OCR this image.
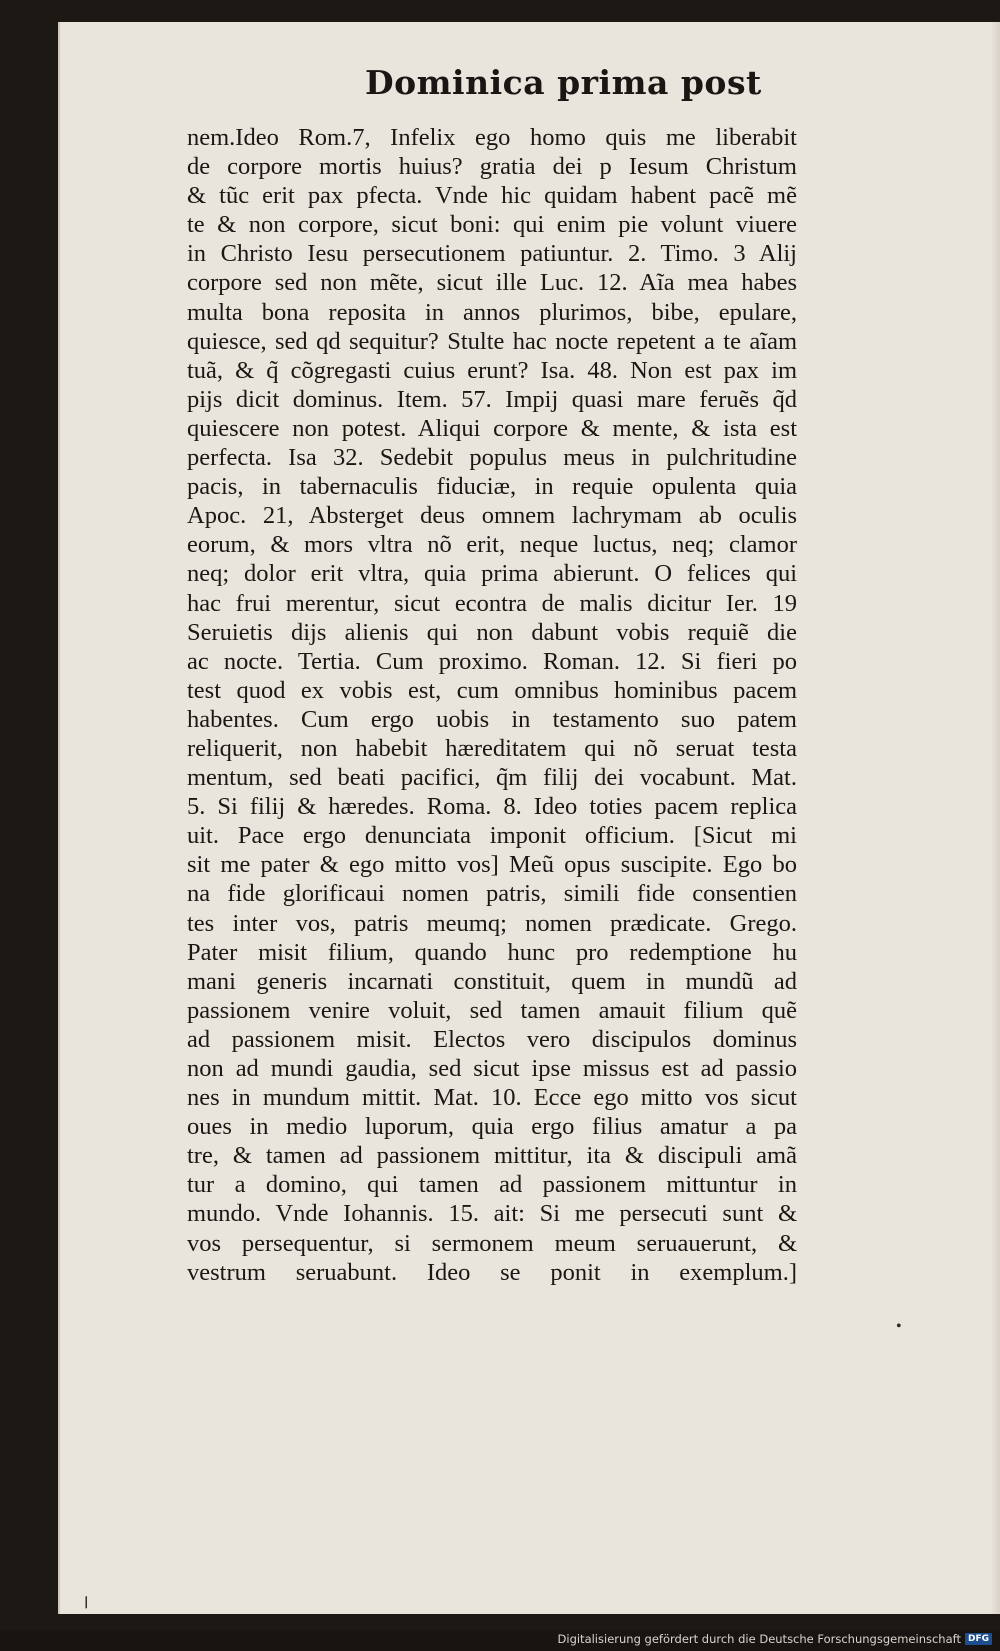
Dominica prima post
nem.Ideo Rom.7, Infelix ego homo quis me liberabit
de corpore mortis huius? gratia dei p Iesum Christum
& tũc erit pax pfecta. Vnde hic quidam habent pacẽ mẽ
te & non corpore, sicut boni: qui enim pie volunt viuere
in Christo Iesu persecutionem patiuntur. 2. Timo. 3 Alij
corpore sed non mẽte, sicut ille Luc. 12. Aĩa mea habes
multa bona reposita in annos plurimos, bibe, epulare,
quiesce, sed qd sequitur? Stulte hac nocte repetent a te aĩam
tuã, & q̃ cõgregasti cuius erunt? Isa. 48. Non est pax im
pijs dicit dominus. Item. 57. Impij quasi mare feruẽs q̃d
quiescere non potest. Aliqui corpore & mente, & ista est
perfecta. Isa 32. Sedebit populus meus in pulchritudine
pacis, in tabernaculis fiduciæ, in requie opulenta quia
Apoc. 21, Absterget deus omnem lachrymam ab oculis
eorum, & mors vltra nõ erit, neque luctus, neq; clamor
neq; dolor erit vltra, quia prima abierunt. O felices qui
hac frui merentur, sicut econtra de malis dicitur Ier. 19
Seruietis dijs alienis qui non dabunt vobis requiẽ die
ac nocte. Tertia. Cum proximo. Roman. 12. Si fieri po
test quod ex vobis est, cum omnibus hominibus pacem
habentes. Cum ergo uobis in testamento suo patem
reliquerit, non habebit hæreditatem qui nõ seruat testa
mentum, sed beati pacifici, q̃m filij dei vocabunt. Mat.
5. Si filij & hæredes. Roma. 8. Ideo toties pacem replica
uit. Pace ergo denunciata imponit officium. [Sicut mi
sit me pater & ego mitto vos] Meũ opus suscipite. Ego bo
na fide glorificaui nomen patris, simili fide consentien
tes inter vos, patris meumq; nomen prædicate. Grego.
Pater misit filium, quando hunc pro redemptione hu
mani generis incarnati constituit, quem in mundũ ad
passionem venire voluit, sed tamen amauit filium quẽ
ad passionem misit. Electos vero discipulos dominus
non ad mundi gaudia, sed sicut ipse missus est ad passio
nes in mundum mittit. Mat. 10. Ecce ego mitto vos sicut
oues in medio luporum, quia ergo filius amatur a pa
tre, & tamen ad passionem mittitur, ita & discipuli amã
tur a domino, qui tamen ad passionem mittuntur in
mundo. Vnde Iohannis. 15. ait: Si me persecuti sunt &
vos persequentur, si sermonem meum seruauerunt, &
vestrum seruabunt. Ideo se ponit in exemplum.]
•
ꞁ
Digitalisierung gefördert durch die Deutsche Forschungsgemeinschaft DFG
